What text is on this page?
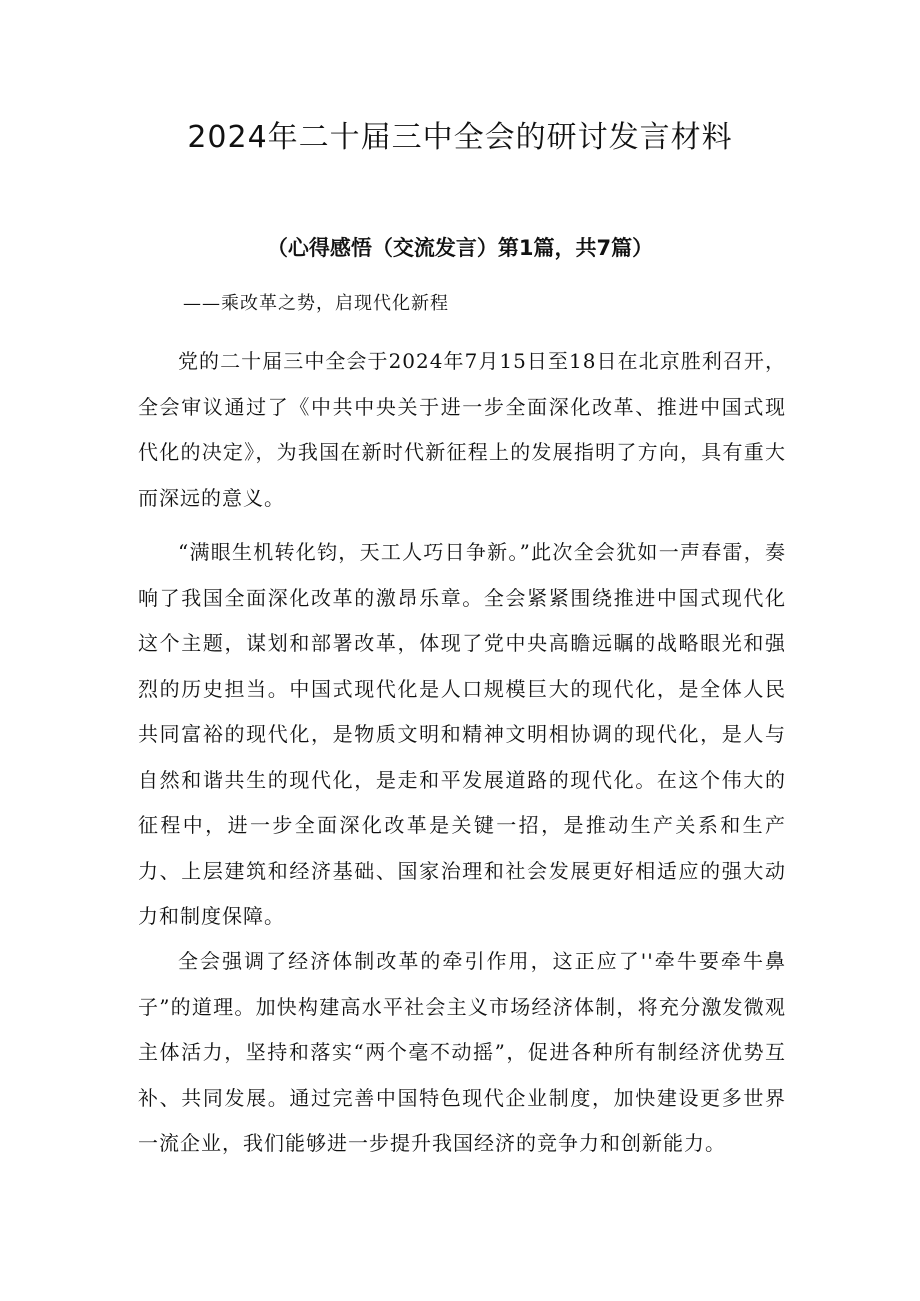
2024年二十届三中全会的研讨发言材料
（心得感悟（交流发言）第1篇，共7篇）

——乘改革之势，启现代化新程

党的二十届三中全会于2024年7月15日至18日在北京胜利召开，全会审议通过了《中共中央关于进一步全面深化改革、推进中国式现代化的决定》，为我国在新时代新征程上的发展指明了方向，具有重大而深远的意义。

“满眼生机转化钧，天工人巧日争新。”此次全会犹如一声春雷，奏响了我国全面深化改革的激昂乐章。全会紧紧围绕推进中国式现代化这个主题，谋划和部署改革，体现了党中央高瞻远瞩的战略眼光和强烈的历史担当。中国式现代化是人口规模巨大的现代化，是全体人民共同富裕的现代化，是物质文明和精神文明相协调的现代化，是人与自然和谐共生的现代化，是走和平发展道路的现代化。在这个伟大的征程中，进一步全面深化改革是关键一招，是推动生产关系和生产力、上层建筑和经济基础、国家治理和社会发展更好相适应的强大动力和制度保障。

全会强调了经济体制改革的牵引作用，这正应了''牵牛要牵牛鼻子”的道理。加快构建高水平社会主义市场经济体制，将充分激发微观主体活力，坚持和落实“两个毫不动摇”，促进各种所有制经济优势互补、共同发展。通过完善中国特色现代企业制度，加快建设更多世界一流企业，我们能够进一步提升我国经济的竞争力和创新能力。
